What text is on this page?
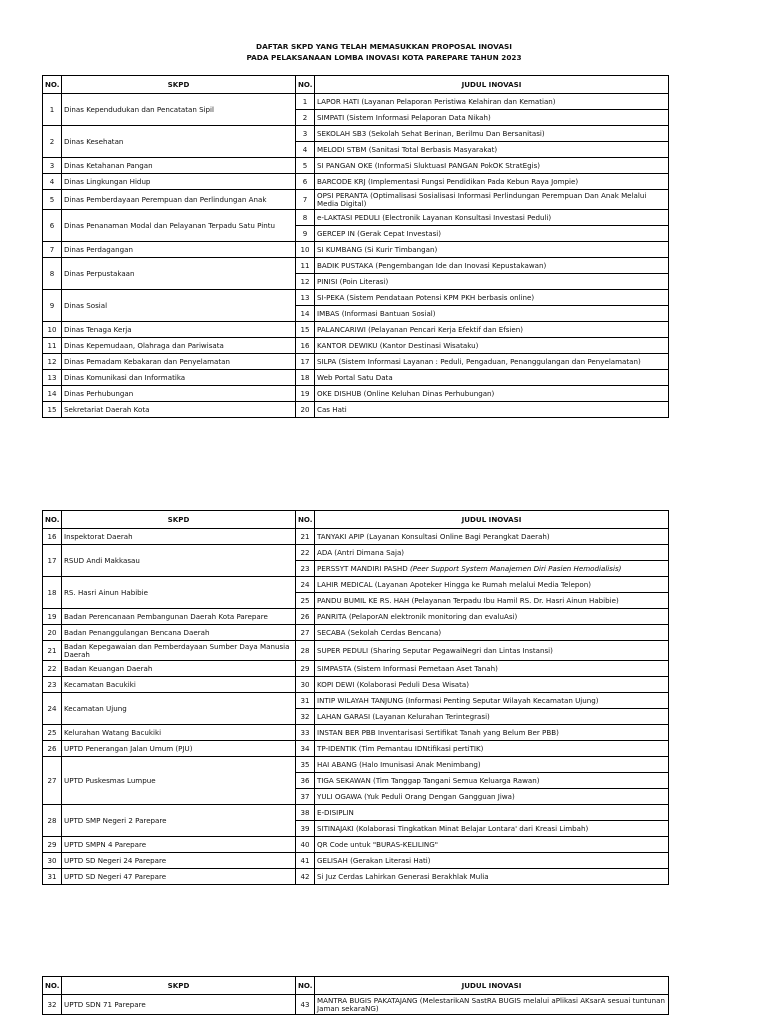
DAFTAR SKPD YANG TELAH MEMASUKKAN PROPOSAL INOVASI
PADA PELAKSANAAN LOMBA INOVASI KOTA PAREPARE TAHUN 2023
NO.	SKPD	NO.	JUDUL INOVASI
1	Dinas Kependudukan dan Pencatatan Sipil	1	LAPOR HATI (Layanan Pelaporan Peristiwa Kelahiran dan Kematian)
		2	SIMPATI (Sistem Informasi Pelaporan Data Nikah)
2	Dinas Kesehatan	3	SEKOLAH SB3 (Sekolah Sehat Berinan, Berilmu Dan Bersanitasi)
		4	MELODI STBM (Sanitasi Total Berbasis Masyarakat)
3	Dinas Ketahanan Pangan	5	SI PANGAN OKE (InformaSi SluktuasI PANGAN PokOK StratEgis)
4	Dinas Lingkungan Hidup	6	BARCODE KRJ (Implementasi Fungsi Pendidikan Pada Kebun Raya Jompie)
5	Dinas Pemberdayaan Perempuan dan Perlindungan Anak	7	OPSI PERANTA (Optimalisasi Sosialisasi Informasi Perlindungan Perempuan Dan Anak Melalui Media Digital)
6	Dinas Penanaman Modal dan Pelayanan Terpadu Satu Pintu	8	e-LAKTASI PEDULI (Electronik Layanan Konsultasi Investasi Peduli)
		9	GERCEP IN (Gerak Cepat Investasi)
7	Dinas Perdagangan	10	SI KUMBANG (Si Kurir Timbangan)
8	Dinas Perpustakaan	11	BADIK PUSTAKA (Pengembangan Ide dan Inovasi Kepustakawan)
		12	PINISI (Poin Literasi)
9	Dinas Sosial	13	SI-PEKA (Sistem Pendataan Potensi KPM PKH berbasis online)
		14	IMBAS (Informasi Bantuan Sosial)
10	Dinas Tenaga Kerja	15	PALANCARIWI (Pelayanan Pencari Kerja Efektif dan Efsien)
11	Dinas Kepemudaan, Olahraga dan Pariwisata	16	KANTOR DEWIKU (Kantor Destinasi Wisataku)
12	Dinas Pemadam Kebakaran dan Penyelamatan	17	SILPA (Sistem Informasi Layanan : Peduli, Pengaduan, Penanggulangan dan Penyelamatan)
13	Dinas Komunikasi dan Informatika	18	Web Portal Satu Data
14	Dinas Perhubungan	19	OKE DISHUB (Online Keluhan Dinas Perhubungan)
15	Sekretariat Daerah Kota	20	Cas Hati
NO.	SKPD	NO.	JUDUL INOVASI
16	Inspektorat Daerah	21	TANYAKI APIP (Layanan Konsultasi Online Bagi Perangkat Daerah)
17	RSUD Andi Makkasau	22	ADA (Antri Dimana Saja)
		23	PERSSYT MANDIRI PASHD (Peer Support System Manajemen Diri Pasien Hemodialisis)
18	RS. Hasri Ainun Habibie	24	LAHIR MEDICAL (Layanan Apoteker Hingga ke Rumah melalui Media Telepon)
		25	PANDU BUMIL KE RS. HAH (Pelayanan Terpadu Ibu Hamil RS. Dr. Hasri Ainun Habibie)
19	Badan Perencanaan Pembangunan Daerah Kota Parepare	26	PANRITA (PelaporAN elektronik monitoring dan evaluAsi)
20	Badan Penanggulangan Bencana Daerah	27	SECABA (Sekolah Cerdas Bencana)
21	Badan Kepegawaian dan Pemberdayaan Sumber Daya Manusia Daerah	28	SUPER PEDULI (Sharing Seputar PegawaiNegri dan Lintas Instansi)
22	Badan Keuangan Daerah	29	SIMPASTA (Sistem Informasi Pemetaan Aset Tanah)
23	Kecamatan Bacukiki	30	KOPI DEWI (Kolaborasi Peduli Desa Wisata)
24	Kecamatan Ujung	31	INTIP WILAYAH TANJUNG (Informasi Penting Seputar Wilayah Kecamatan Ujung)
		32	LAHAN GARASI (Layanan Kelurahan Terintegrasi)
25	Kelurahan Watang Bacukiki	33	INSTAN BER PBB Inventarisasi Sertifikat Tanah yang Belum Ber PBB)
26	UPTD Penerangan Jalan Umum (PJU)	34	TP-IDENTIK (Tim Pemantau IDNtifikasi pertiTIK)
27	UPTD Puskesmas Lumpue	35	HAI ABANG (Halo Imunisasi Anak Menimbang)
		36	TIGA SEKAWAN (Tim Tanggap Tangani Semua Keluarga Rawan)
		37	YULI OGAWA (Yuk Peduli Orang Dengan Gangguan Jiwa)
28	UPTD SMP Negeri 2 Parepare	38	E-DISIPLIN
		39	SITINAJAKI (Kolaborasi Tingkatkan Minat Belajar Lontara' dari Kreasi Limbah)
29	UPTD SMPN 4 Parepare	40	QR Code untuk "BURAS-KELILING"
30	UPTD SD Negeri 24 Parepare	41	GELISAH (Gerakan Literasi Hati)
31	UPTD SD Negeri 47 Parepare	42	Si Juz Cerdas Lahirkan Generasi Berakhlak Mulia
NO.	SKPD	NO.	JUDUL INOVASI
32	UPTD SDN 71 Parepare	43	MANTRA BUGIS PAKATAJANG (MelestarikAN SastRA BUGIS melalui aPlikasi AKsarA sesuai tuntunan Jaman sekaraNG)
